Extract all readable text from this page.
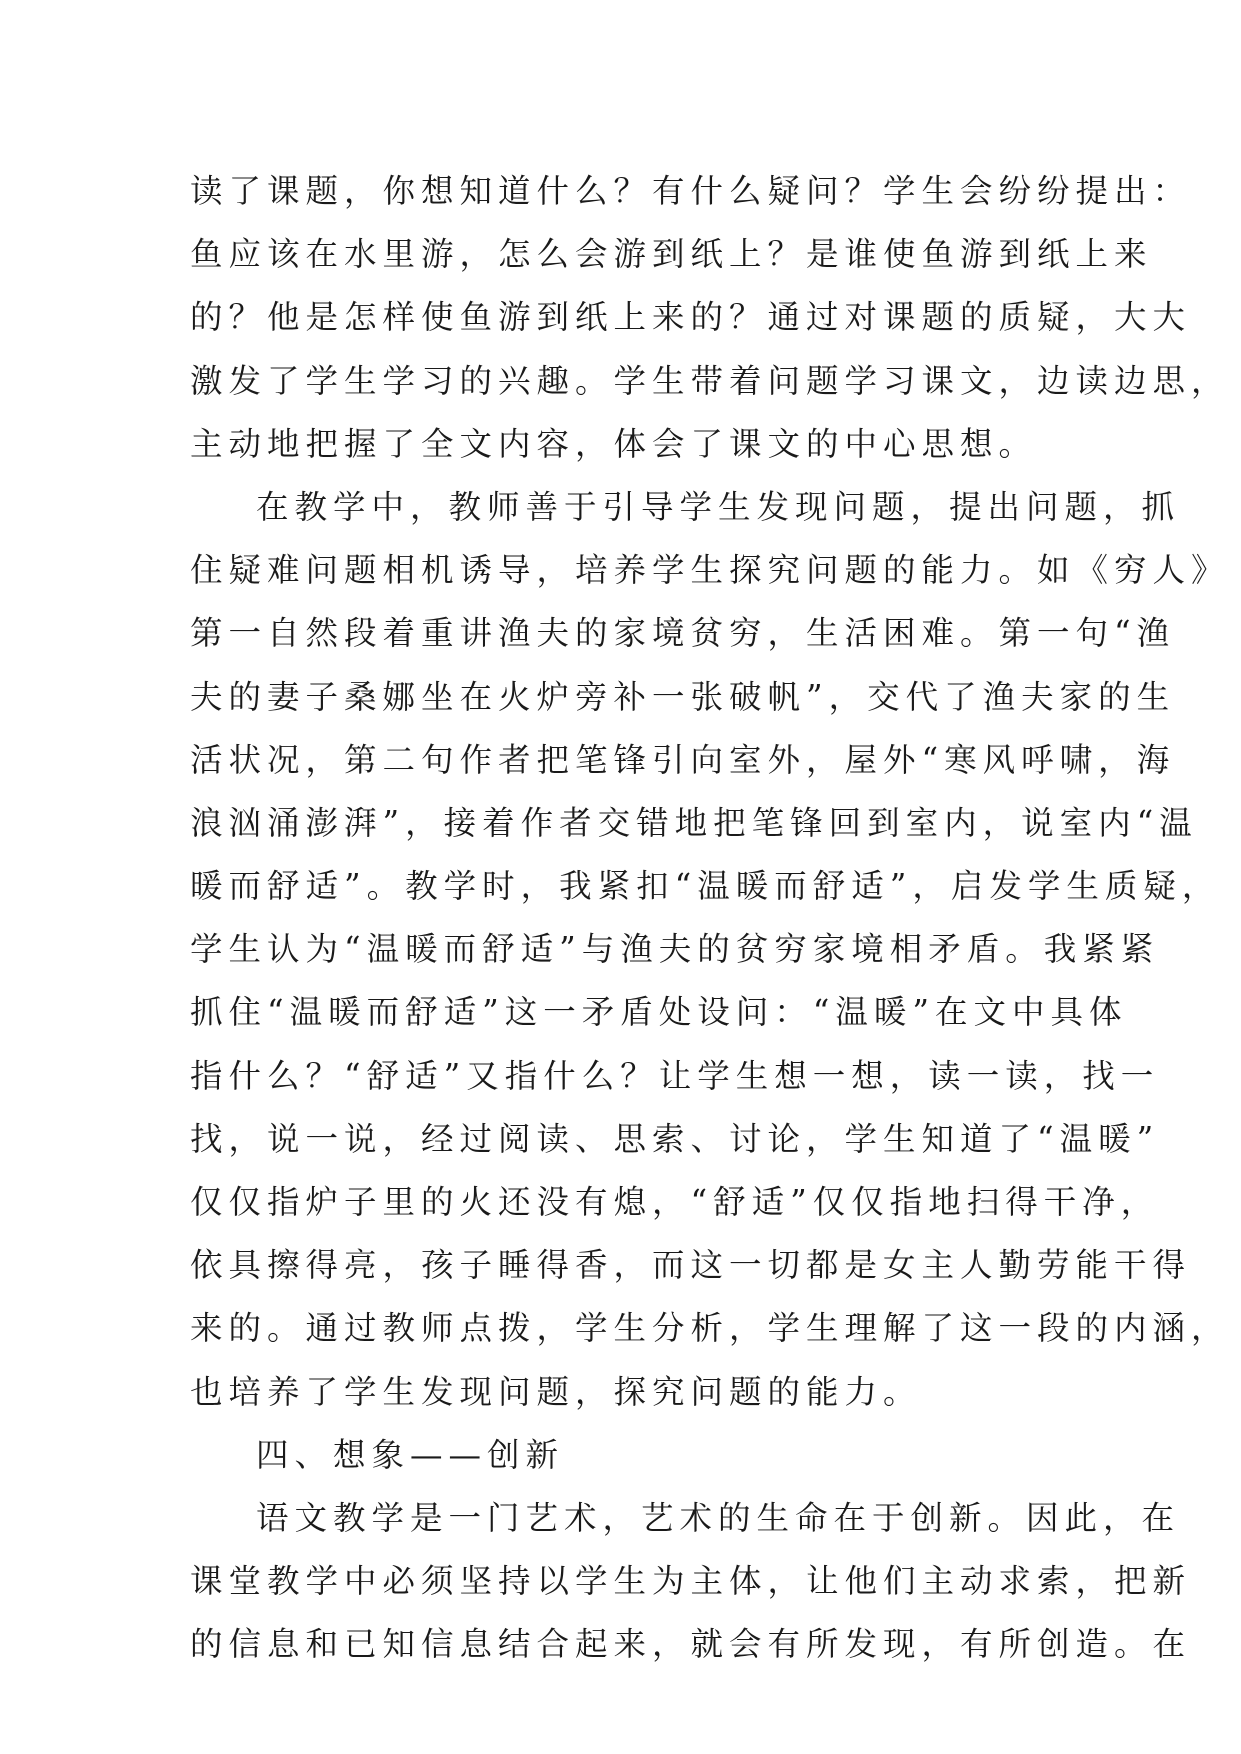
读了课题，你想知道什么？有什么疑问？学生会纷纷提出：
鱼应该在水里游，怎么会游到纸上？是谁使鱼游到纸上来
的？他是怎样使鱼游到纸上来的？通过对课题的质疑，大大
激发了学生学习的兴趣。学生带着问题学习课文，边读边思，
主动地把握了全文内容，体会了课文的中心思想。
在教学中，教师善于引导学生发现问题，提出问题，抓
住疑难问题相机诱导，培养学生探究问题的能力。如《穷人》
第一自然段着重讲渔夫的家境贫穷，生活困难。第一句“渔
夫的妻子桑娜坐在火炉旁补一张破帆”，交代了渔夫家的生
活状况，第二句作者把笔锋引向室外，屋外“寒风呼啸，海
浪汹涌澎湃”，接着作者交错地把笔锋回到室内，说室内“温
暖而舒适”。教学时，我紧扣“温暖而舒适”，启发学生质疑，
学生认为“温暖而舒适”与渔夫的贫穷家境相矛盾。我紧紧
抓住“温暖而舒适”这一矛盾处设问：“温暖”在文中具体
指什么？“舒适”又指什么？让学生想一想，读一读，找一
找，说一说，经过阅读、思索、讨论，学生知道了“温暖”
仅仅指炉子里的火还没有熄，“舒适”仅仅指地扫得干净，
依具擦得亮，孩子睡得香，而这一切都是女主人勤劳能干得
来的。通过教师点拨，学生分析，学生理解了这一段的内涵，
也培养了学生发现问题，探究问题的能力。
四、想象——创新
语文教学是一门艺术，艺术的生命在于创新。因此，在
课堂教学中必须坚持以学生为主体，让他们主动求索，把新
的信息和已知信息结合起来，就会有所发现，有所创造。在
